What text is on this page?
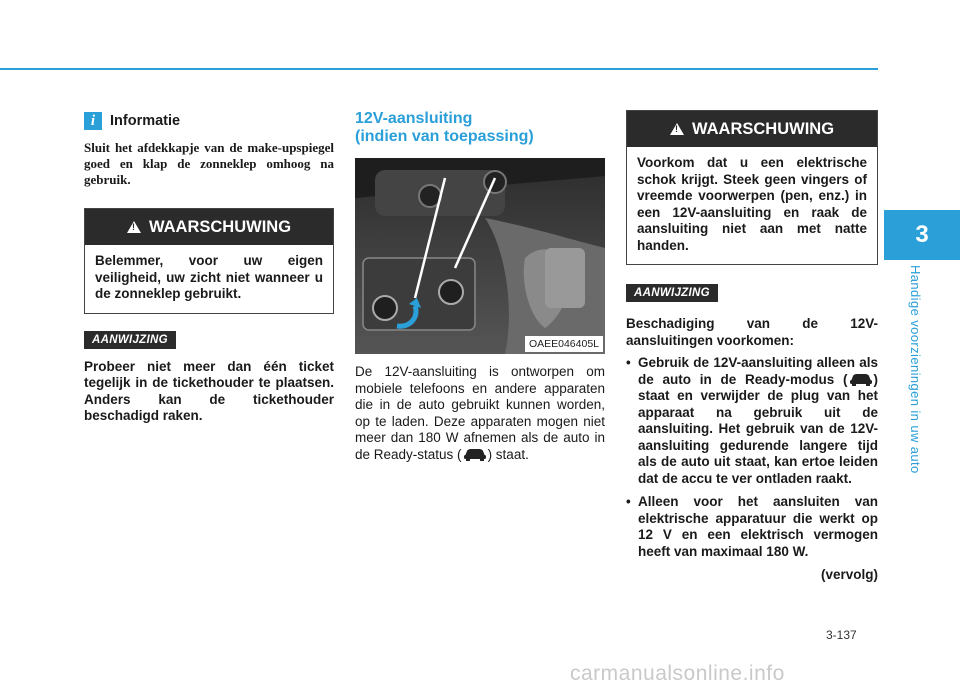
3
Handige voorzieningen in uw auto
i	Informatie
Sluit het afdekkapje van de make-upspiegel goed en klap de zonneklep omhoog na gebruik.
!
WAARSCHUWING
Belemmer, voor uw eigen veiligheid, uw zicht niet wanneer u de zonneklep gebruikt.
AANWIJZING
Probeer niet meer dan één ticket tegelijk in de tickethouder te plaatsen. Anders kan de tickethouder beschadigd raken.
12V-aansluiting
(indien van toepassing)
OAEE046405L
De 12V-aansluiting is ontworpen om mobiele telefoons en andere apparaten die in de auto gebruikt kunnen worden, op te laden. Deze apparaten mogen niet meer dan 180 W afnemen als de auto in de Ready-status ( ) staat.
!
WAARSCHUWING
Voorkom dat u een elektrische schok krijgt. Steek geen vingers of vreemde voorwerpen (pen, enz.) in een 12V-aansluiting en raak de aansluiting niet aan met natte handen.
AANWIJZING
Beschadiging van de 12V-aansluitingen voorkomen:
• Gebruik de 12V-aansluiting alleen als de auto in de Ready-modus ( ) staat en verwijder de plug van het apparaat na gebruik uit de aansluiting. Het gebruik van de 12V-aansluiting gedurende langere tijd als de auto uit staat, kan ertoe leiden dat de accu te ver ontladen raakt.
• Alleen voor het aansluiten van elektrische apparatuur die werkt op 12 V en een elektrisch vermogen heeft van maximaal 180 W.
(vervolg)
3-137
carmanualsonline.info
